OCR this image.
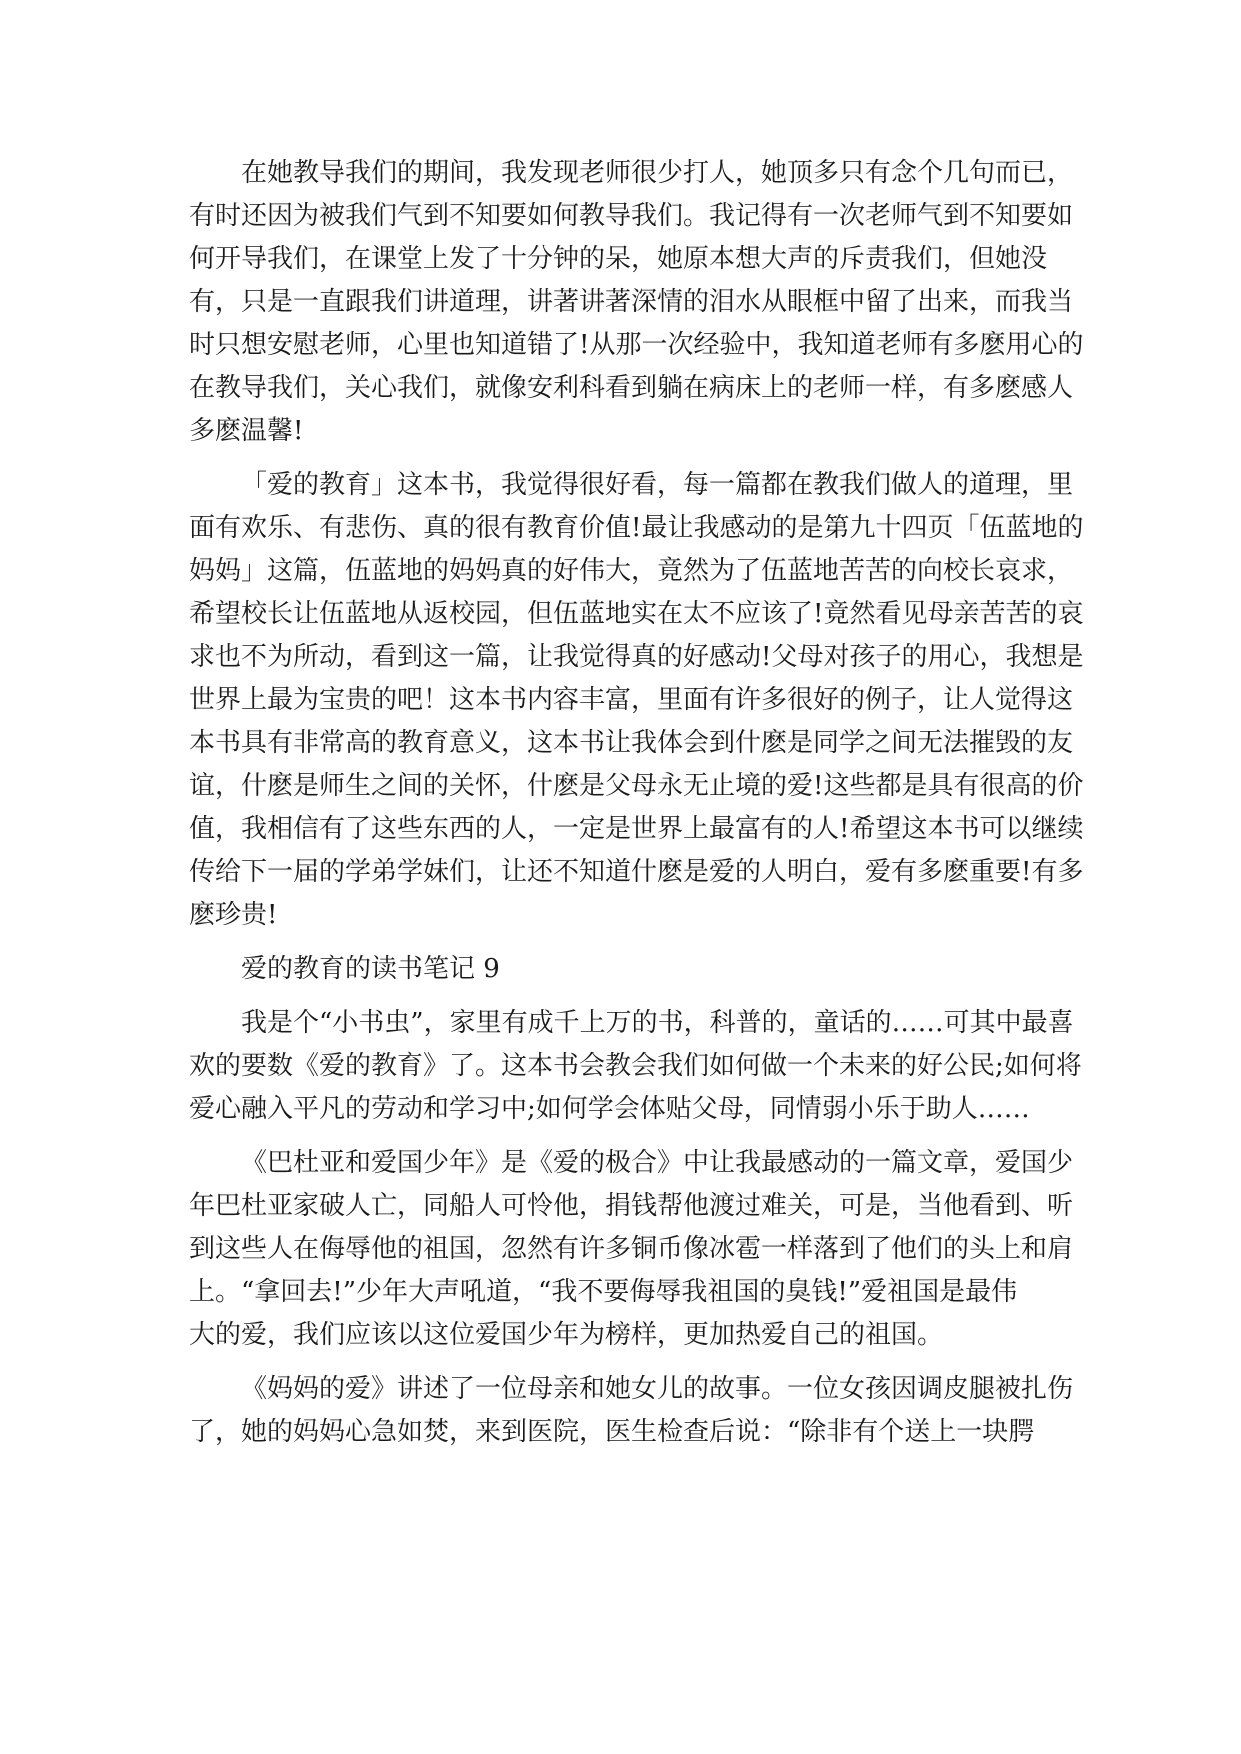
在她教导我们的期间，我发现老师很少打人，她顶多只有念个几句而已，
有时还因为被我们气到不知要如何教导我们。我记得有一次老师气到不知要如
何开导我们，在课堂上发了十分钟的呆，她原本想大声的斥责我们，但她没
有，只是一直跟我们讲道理，讲著讲著深情的泪水从眼框中留了出来，而我当
时只想安慰老师，心里也知道错了!从那一次经验中，我知道老师有多麽用心的
在教导我们，关心我们，就像安利科看到躺在病床上的老师一样，有多麽感人
多麽温馨!
「爱的教育」这本书，我觉得很好看，每一篇都在教我们做人的道理，里
面有欢乐、有悲伤、真的很有教育价值!最让我感动的是第九十四页「伍蓝地的
妈妈」这篇，伍蓝地的妈妈真的好伟大，竟然为了伍蓝地苦苦的向校长哀求，
希望校长让伍蓝地从返校园，但伍蓝地实在太不应该了!竟然看见母亲苦苦的哀
求也不为所动，看到这一篇，让我觉得真的好感动!父母对孩子的用心，我想是
世界上最为宝贵的吧！这本书内容丰富，里面有许多很好的例子，让人觉得这
本书具有非常高的教育意义，这本书让我体会到什麽是同学之间无法摧毁的友
谊，什麽是师生之间的关怀，什麽是父母永无止境的爱!这些都是具有很高的价
值，我相信有了这些东西的人，一定是世界上最富有的人!希望这本书可以继续
传给下一届的学弟学妹们，让还不知道什麽是爱的人明白，爱有多麽重要!有多
麽珍贵!
爱的教育的读书笔记 9
我是个“小书虫”，家里有成千上万的书，科普的，童话的……可其中最喜
欢的要数《爱的教育》了。这本书会教会我们如何做一个未来的好公民;如何将
爱心融入平凡的劳动和学习中;如何学会体贴父母，同情弱小乐于助人……
《巴杜亚和爱国少年》是《爱的极合》中让我最感动的一篇文章，爱国少
年巴杜亚家破人亡，同船人可怜他，捐钱帮他渡过难关，可是，当他看到、听
到这些人在侮辱他的祖国，忽然有许多铜币像冰雹一样落到了他们的头上和肩
上。“拿回去!”少年大声吼道，“我不要侮辱我祖国的臭钱!”爱祖国是最伟
大的爱，我们应该以这位爱国少年为榜样，更加热爱自己的祖国。
《妈妈的爱》讲述了一位母亲和她女儿的故事。一位女孩因调皮腿被扎伤
了，她的妈妈心急如焚，来到医院，医生检查后说：“除非有个送上一块腭
